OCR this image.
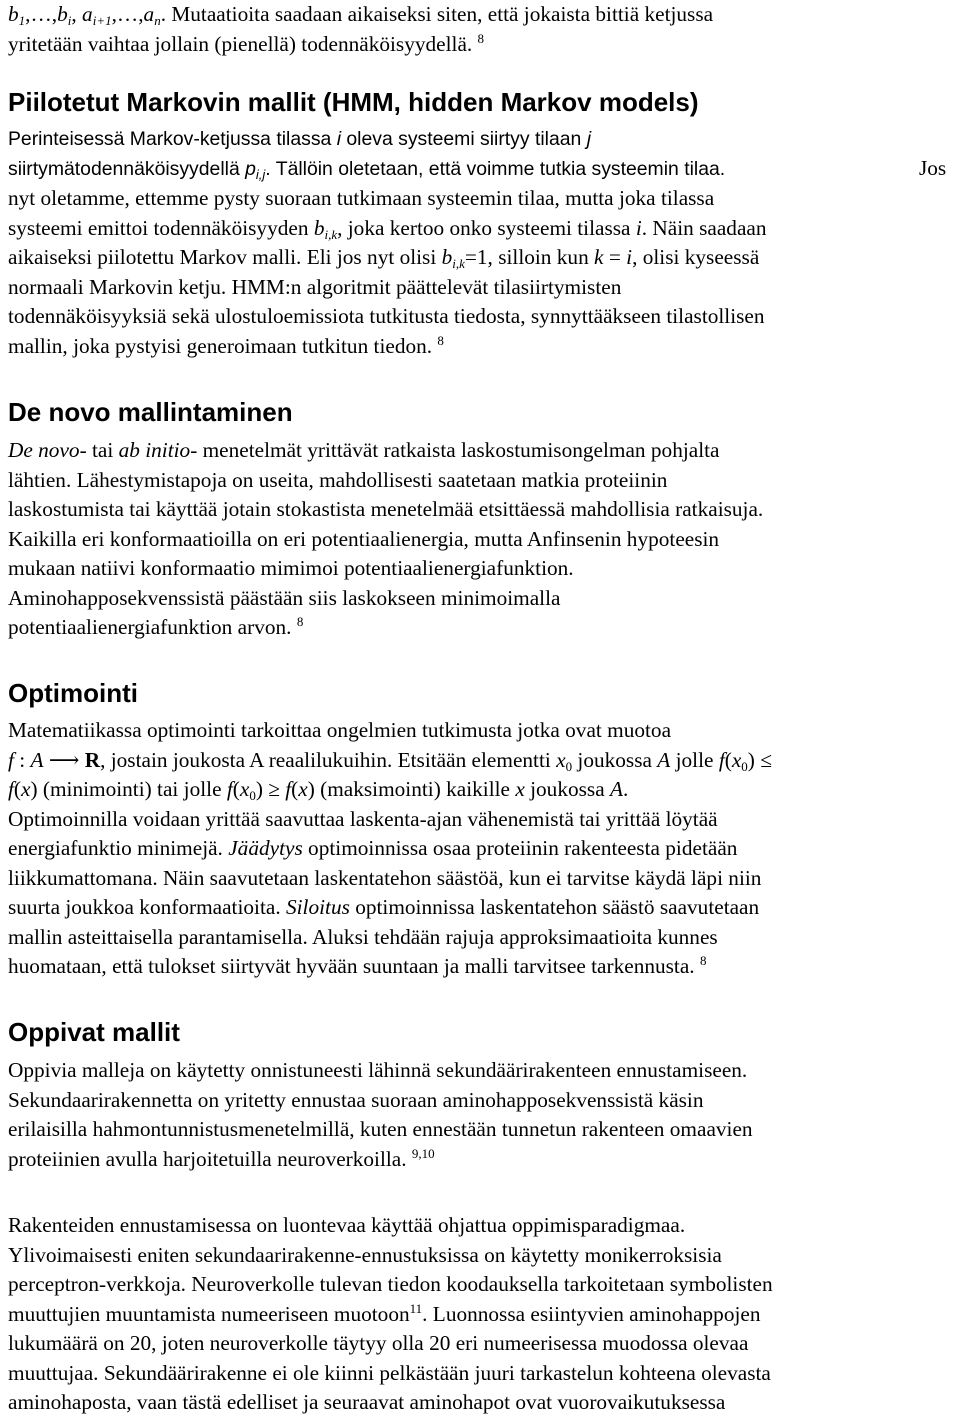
$b_1,\dots,b_i$, $a_{i+1},\dots,a_n$. Mutaatioita saadaan aikaiseksi siten, että jokaista bittiä ketjussa

yritetään vaihtaa jollain (pienellä) todennäköisyydellä. $^8$

Piilotetut Markovin mallit (HMM, hidden Markov models)

Perinteisessä Markov-ketjussa tilassa i oleva systeemi siirtyy tilaan j

siirtymätodennäköisyydellä $p_{i,j}$. Tällöin oletetaan, että voimme tutkia systeemin tilaa.	Jos

nyt oletamme, ettemme pysty suoraan tutkimaan systeemin tilaa, mutta joka tilassa

systeemi emittoi todennäköisyyden $b_{i,k}$, joka kertoo onko systeemi tilassa i. Näin saadaan

aikaiseksi piilotettu Markov malli. Eli jos nyt olisi $b_{i,k}=1$, silloin kun k = i, olisi kyseessä

normaali Markovin ketju. HMM:n algoritmit päättelevät tilasiirtymisten

todennäköisyyksiä sekä ulostuloemissiota tutkitusta tiedosta, synnyttääkseen tilastollisen

mallin, joka pystyisi generoimaan tutkitun tiedon. $^8$

De novo mallintaminen

De novo- tai ab initio- menetelmät yrittävät ratkaista laskostumisongelman pohjalta

lähtien. Lähestymistapoja on useita, mahdollisesti saatetaan matkia proteiinin

laskostumista tai käyttää jotain stokastista menetelmää etsittäessä mahdollisia ratkaisuja.

Kaikilla eri konformaatioilla on eri potentiaalienergia, mutta Anfinsenin hypoteesin

mukaan natiivi konformaatio mimimoi potentiaalienergiafunktion.

Aminohapposekvenssistä päästään siis laskokseen minimoimalla

potentiaalienergiafunktion arvon. $^8$

Optimointi

Matematiikassa optimointi tarkoittaa ongelmien tutkimusta jotka ovat muotoa

f : A ⟶ R, jostain joukosta A reaalilukuihin. Etsitään elementti $x_0$ joukossa A jolle $f(x_0)$ ≤

f(x) (minimointi) tai jolle $f(x_0) \ge f(x)$ (maksimointi) kaikille x joukossa A.

Optimoinnilla voidaan yrittää saavuttaa laskenta-ajan vähenemistä tai yrittää löytää

energiafunktio minimejä. Jäädytys optimoinnissa osaa proteiinin rakenteesta pidetään

liikkumattomana. Näin saavutetaan laskentatehon säästöä, kun ei tarvitse käydä läpi niin

suurta joukkoa konformaatioita. Siloitus optimoinnissa laskentatehon säästö saavutetaan

mallin asteittaisella parantamisella. Aluksi tehdään rajuja approksimaatioita kunnes

huomataan, että tulokset siirtyvät hyvään suuntaan ja malli tarvitsee tarkennusta. $^8$

Oppivat mallit

Oppivia malleja on käytetty onnistuneesti lähinnä sekundäärirakenteen ennustamiseen.

Sekundaarirakennetta on yritetty ennustaa suoraan aminohapposekvenssistä käsin

erilaisilla hahmontunnistusmenetelmillä, kuten ennestään tunnetun rakenteen omaavien

proteiinien avulla harjoitetuilla neuroverkoilla. $^{9,10}$

Rakenteiden ennustamisessa on luontevaa käyttää ohjattua oppimisparadigmaa.

Ylivoimaisesti eniten sekundaarirakenne-ennustuksissa on käytetty monikerroksisia

perceptron-verkkoja. Neuroverkolle tulevan tiedon koodauksella tarkoitetaan symbolisten

muuttujien muuntamista numeeriseen muotoon$^{11}$. Luonnossa esiintyvien aminohappojen

lukumäärä on 20, joten neuroverkolle täytyy olla 20 eri numeerisessa muodossa olevaa

muuttujaa. Sekundäärirakenne ei ole kiinni pelkästään juuri tarkastelun kohteena olevasta

aminohaposta, vaan tästä edelliset ja seuraavat aminohapot ovat vuorovaikutuksessa
